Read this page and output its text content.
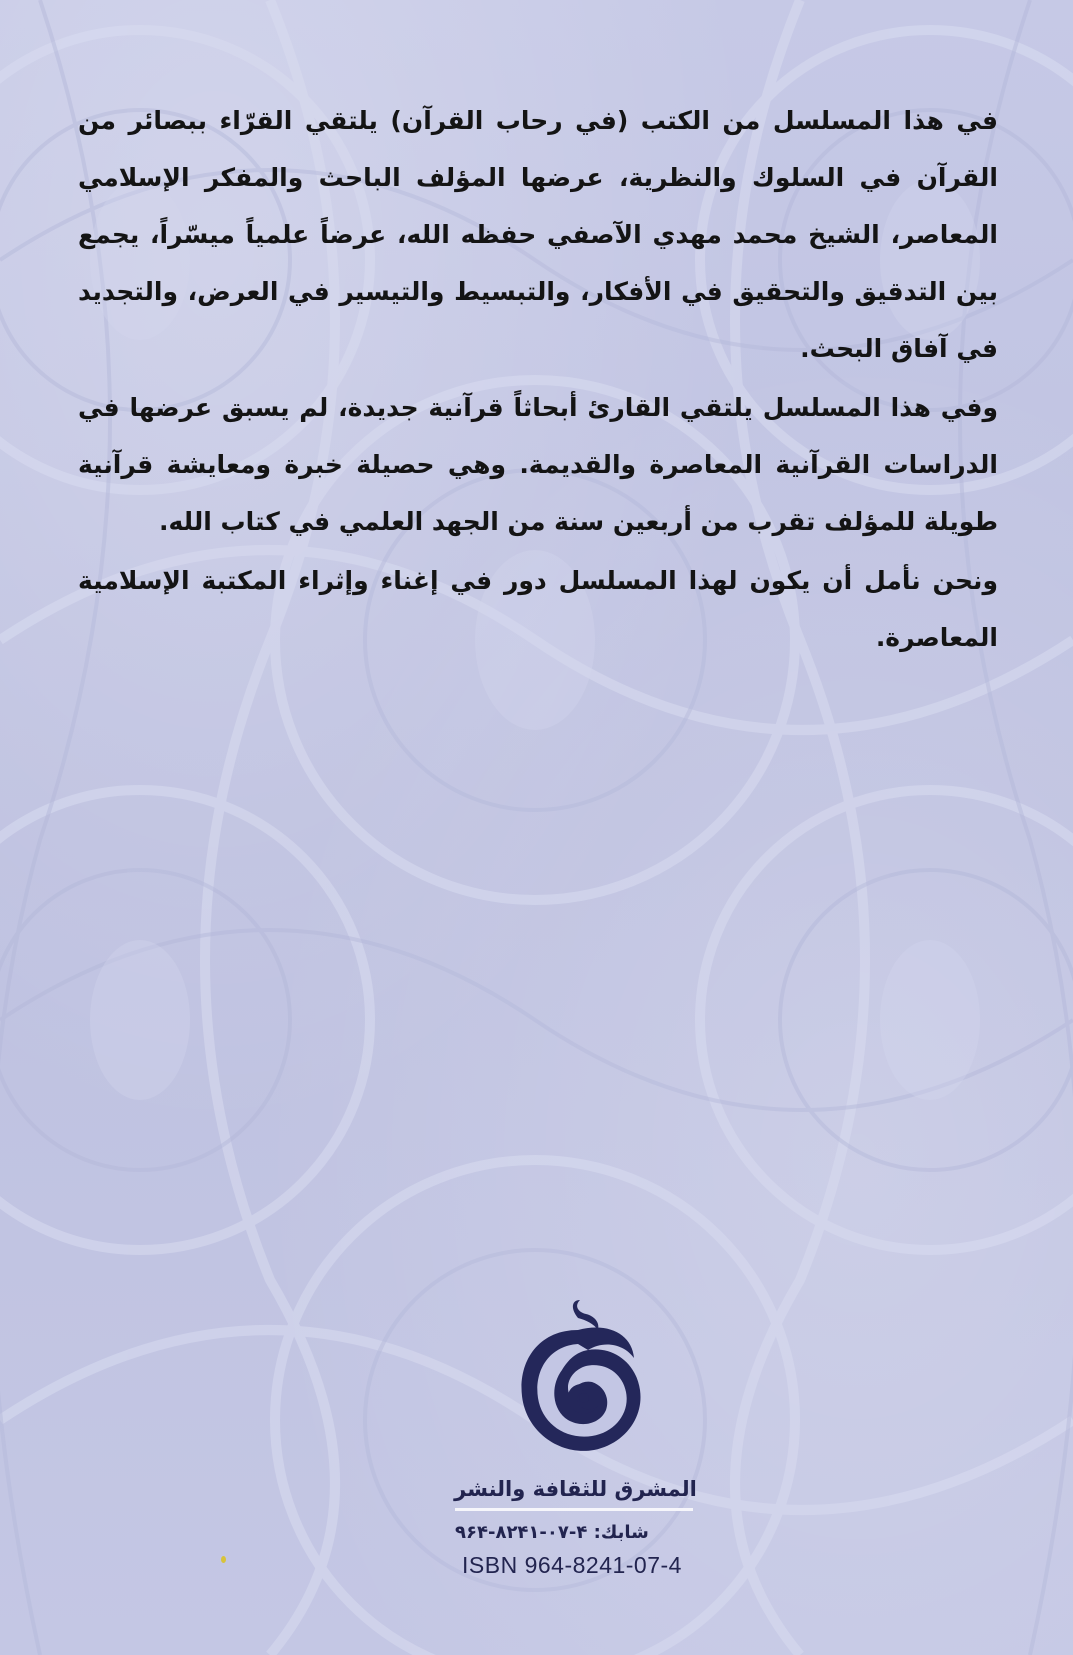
في هذا المسلسل من الكتب (في رحاب القرآن) يلتقي القرّاء ببصائر من القرآن في السلوك والنظرية، عرضها المؤلف الباحث والمفكر الإسلامي المعاصر، الشيخ محمد مهدي الآصفي حفظه الله، عرضاً علمياً ميسّراً، يجمع بين التدقيق والتحقيق في الأفكار، والتبسيط والتيسير في العرض، والتجديد في آفاق البحث.

وفي هذا المسلسل يلتقي القارئ أبحاثاً قرآنية جديدة، لم يسبق عرضها في الدراسات القرآنية المعاصرة والقديمة. وهي حصيلة خبرة ومعايشة قرآنية طويلة للمؤلف تقرب من أربعين سنة من الجهد العلمي في كتاب الله.

ونحن نأمل أن يكون لهذا المسلسل دور في إغناء وإثراء المكتبة الإسلامية المعاصرة.

المشرق للثقافة والنشر
شابك: ۴-۰۷-۸۲۴۱-۹۶۴
ISBN 964-8241-07-4
